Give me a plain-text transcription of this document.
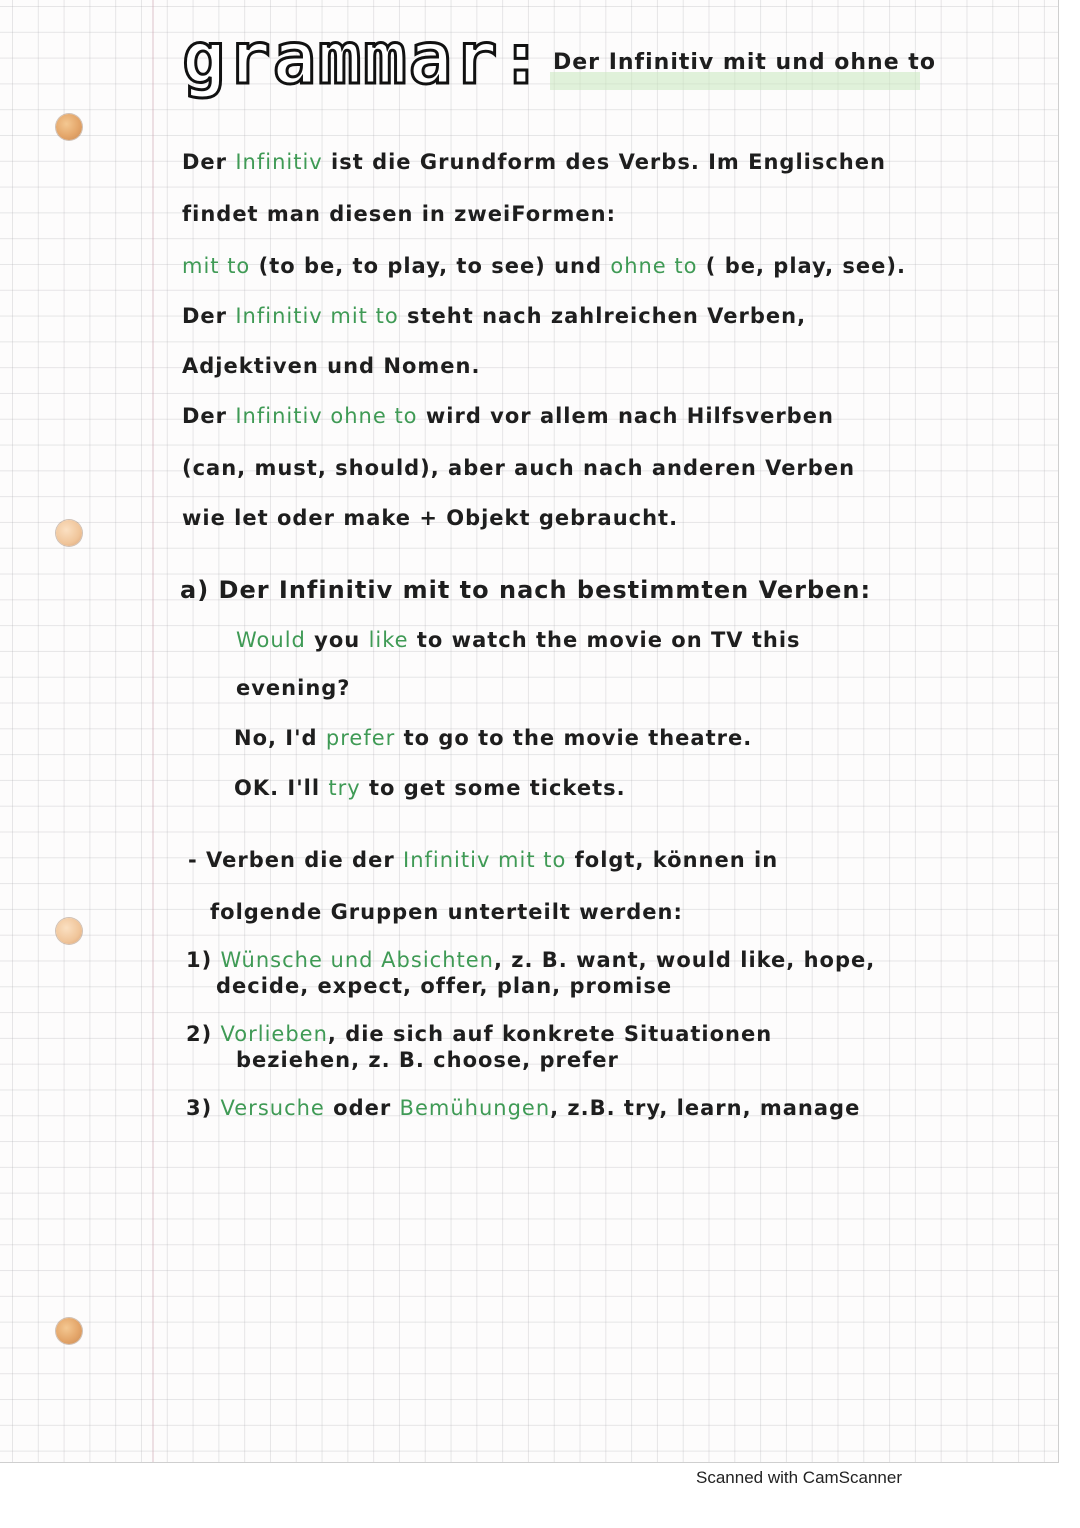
grammar: Der Infinitiv mit und ohne to
Der Infinitiv ist die Grundform des Verbs. Im Englischen
findet man diesen in zweiFormen:
mit to (to be, to play, to see) und ohne to ( be, play, see).
Der Infinitiv mit to steht nach zahlreichen Verben,
Adjektiven und Nomen.
Der Infinitiv ohne to wird vor allem nach Hilfsverben
(can, must, should), aber auch nach anderen Verben
wie let oder make + Objekt gebraucht.
a) Der Infinitiv mit to nach bestimmten Verben:
Would you like to watch the movie on TV this
evening?
No, I'd prefer to go to the movie theatre.
OK. I'll try to get some tickets.
- Verben die der Infinitiv mit to folgt, können in
folgende Gruppen unterteilt werden:
1) Wünsche und Absichten, z. B. want, would like, hope,
decide, expect, offer, plan, promise
2) Vorlieben, die sich auf konkrete Situationen
beziehen, z. B. choose, prefer
3) Versuche oder Bemühungen, z.B. try, learn, manage
Scanned with CamScanner
